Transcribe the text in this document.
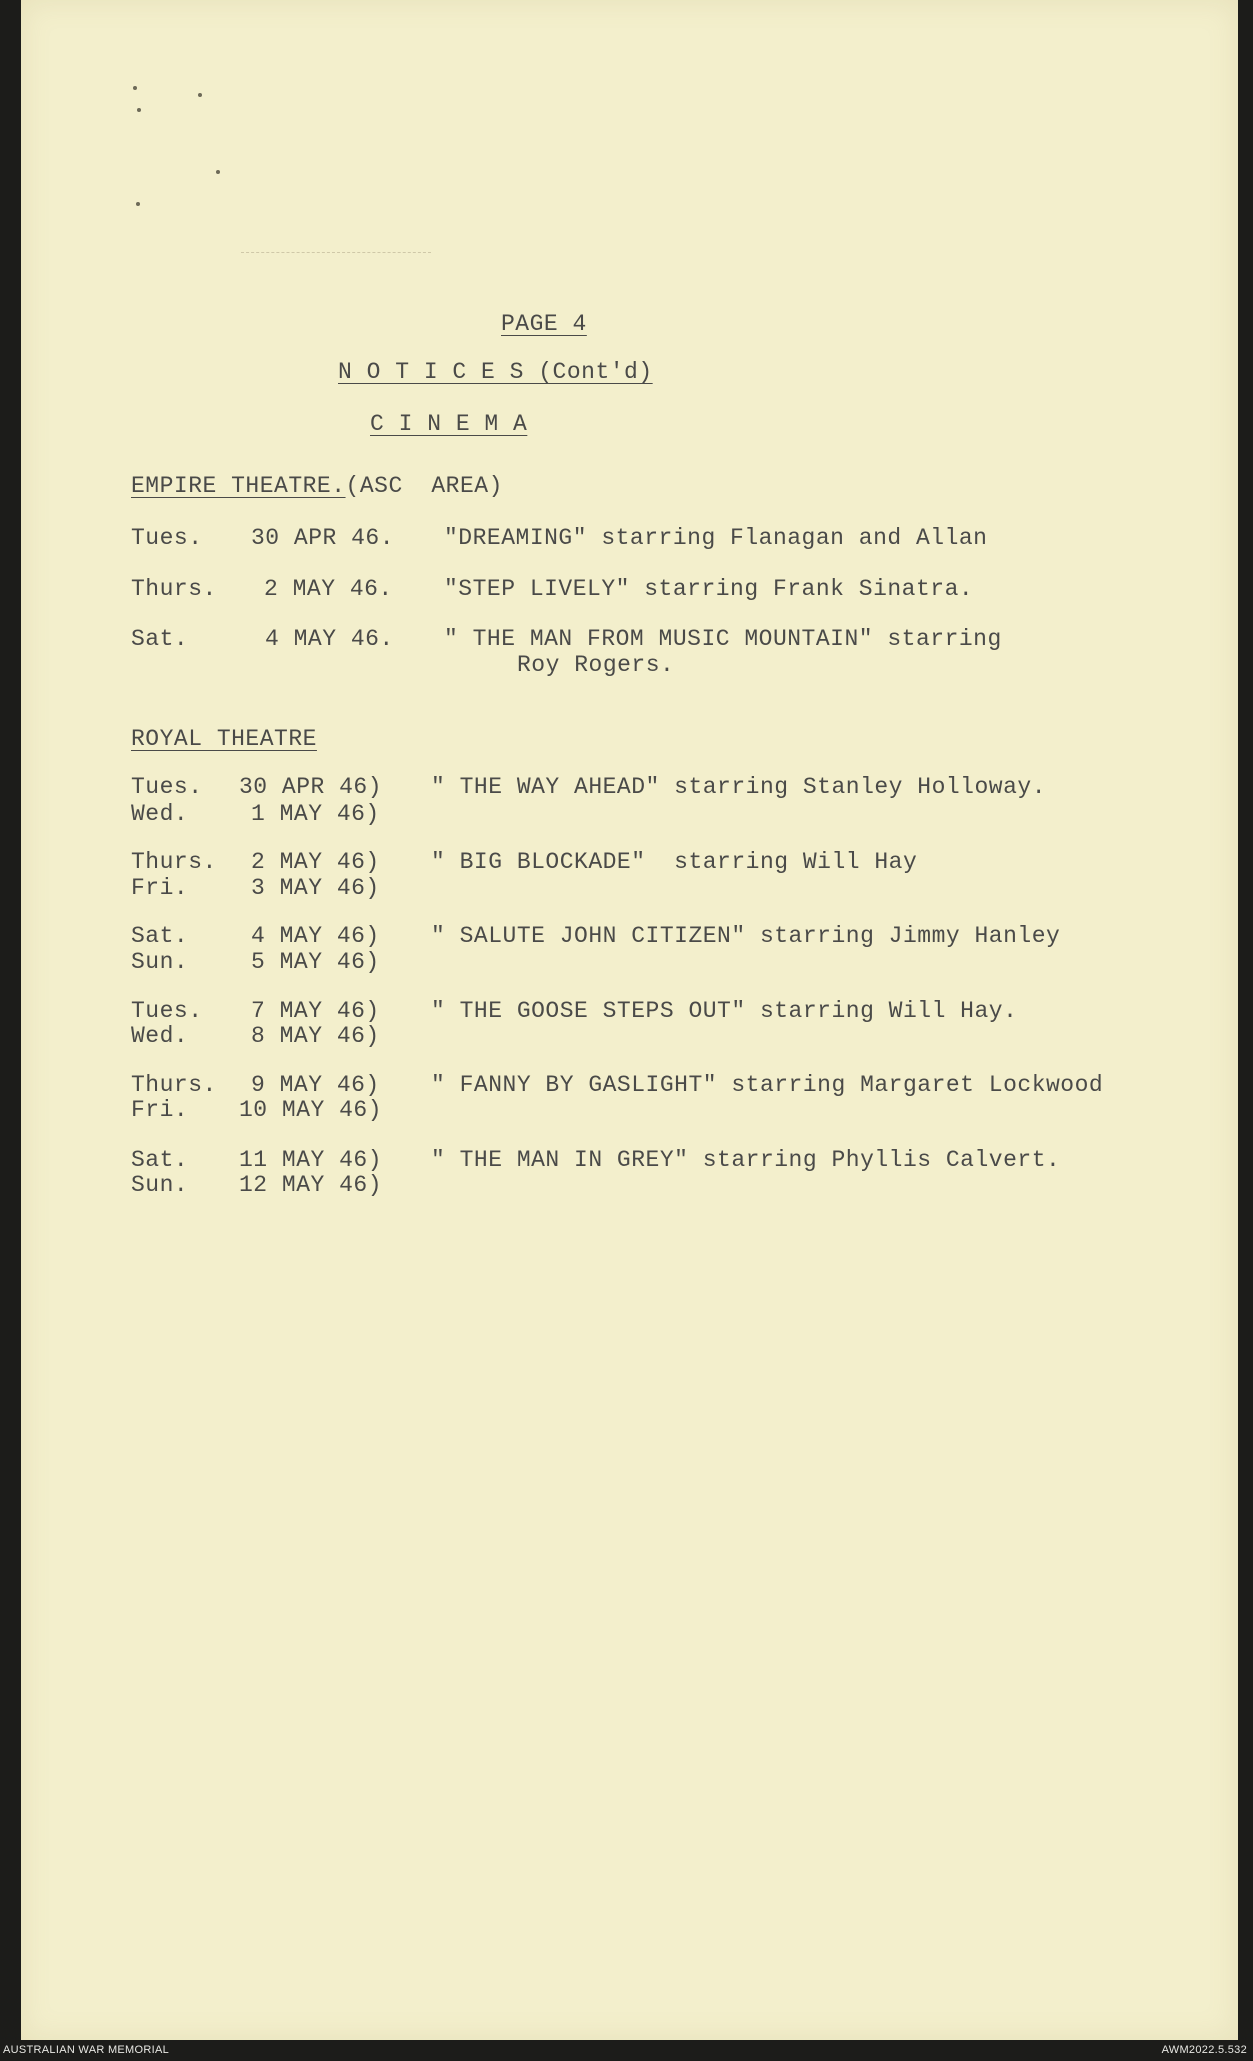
PAGE 4
N O T I C E S (Cont'd)
C I N E M A
EMPIRE THEATRE.(ASC  AREA)
Tues. 30 APR 46. "DREAMING" starring Flanagan and Allan
Thurs. 2 MAY 46. "STEP LIVELY" starring Frank Sinatra.
Sat.	4 MAY 46. " THE MAN FROM MUSIC MOUNTAIN" starring
Roy Rogers.
ROYAL THEATRE
Tues. 30 APR 46)
Wed.	1 MAY 46)
" THE WAY AHEAD" starring Stanley Holloway.
Thurs. 2 MAY 46)
Fri.	3 MAY 46)
" BIG BLOCKADE"  starring Will Hay
Sat.	4 MAY 46)
Sun.	5 MAY 46)
" SALUTE JOHN CITIZEN" starring Jimmy Hanley
Tues. 7 MAY 46)
Wed.	8 MAY 46)
" THE GOOSE STEPS OUT" starring Will Hay.
Thurs. 9 MAY 46)
Fri. 10 MAY 46)
" FANNY BY GASLIGHT" starring Margaret Lockwood
Sat. 11 MAY 46)
Sun. 12 MAY 46)
" THE MAN IN GREY" starring Phyllis Calvert.
AUSTRALIAN WAR MEMORIAL	AWM2022.5.532
